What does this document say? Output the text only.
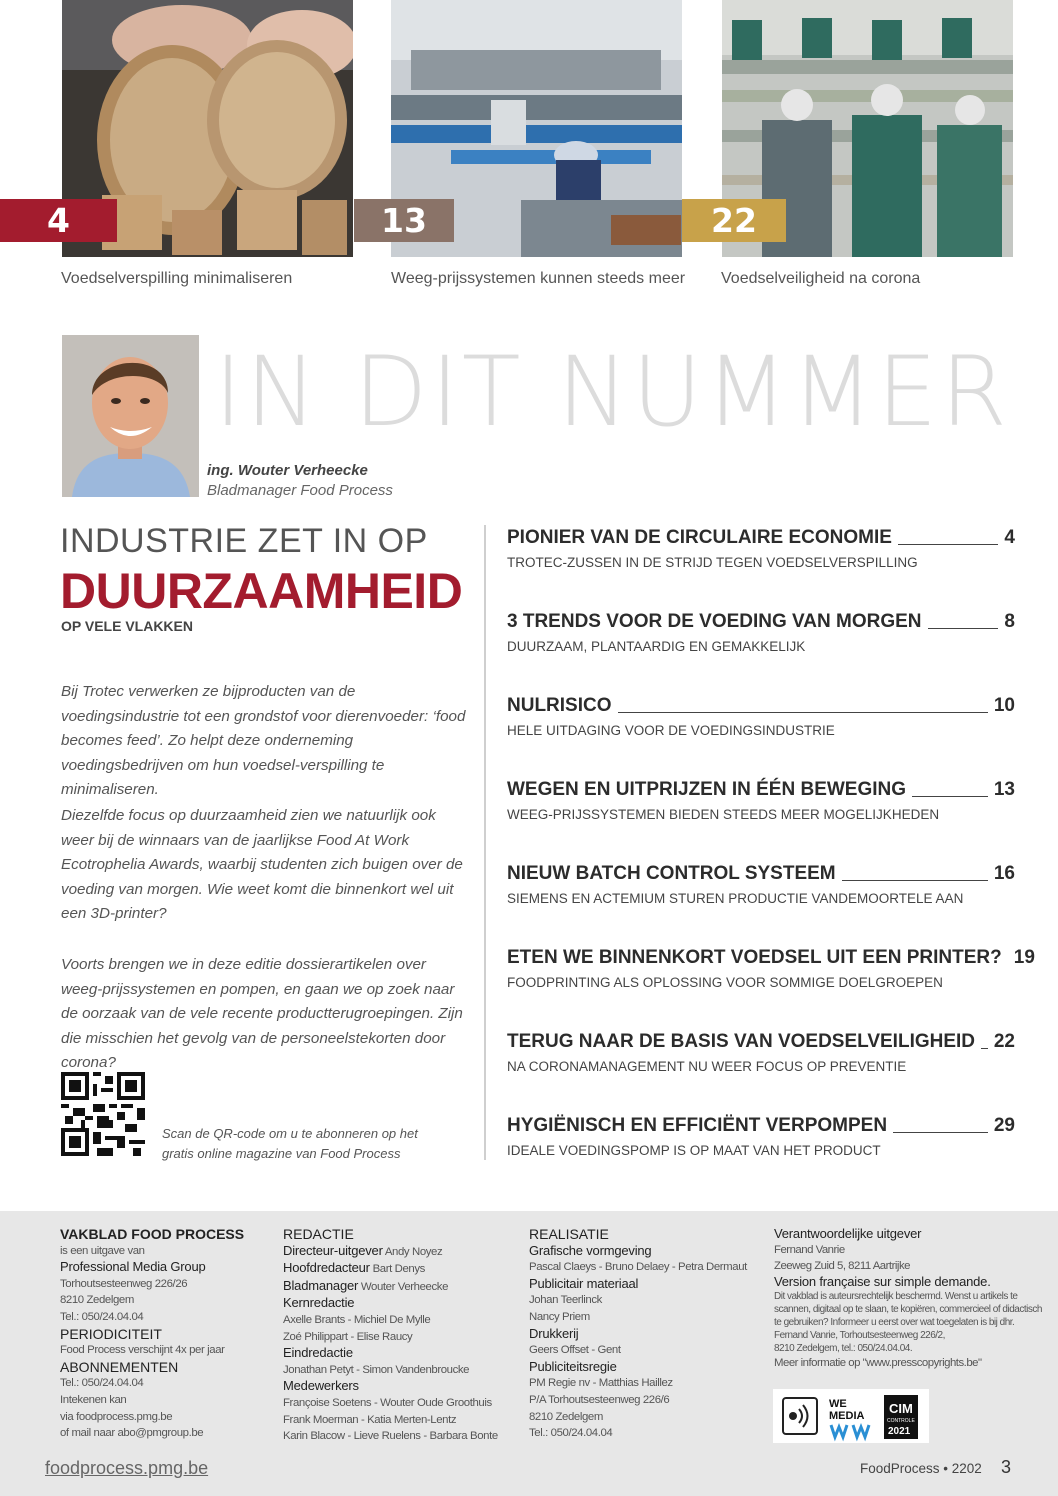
4	13	22
Voedselverspilling minimaliseren	Weeg-prijssystemen kunnen steeds meer Voedselveiligheid na corona
IN DIT NUMMER
ing. Wouter Verheecke
Bladmanager Food Process
INDUSTRIE ZET IN OP
DUURZAAMHEID
OP VELE VLAKKEN

Bij Trotec verwerken ze bijproducten van de voedingsindustrie tot een grondstof voor dierenvoeder: ‘food becomes feed’. Zo helpt deze onderneming voedingsbedrijven om hun voedsel-verspilling te minimaliseren.

Diezelfde focus op duurzaamheid zien we natuurlijk ook weer bij de winnaars van de jaarlijkse Food At Work Ecotrophelia Awards, waarbij studenten zich buigen over de voeding van morgen. Wie weet komt die binnenkort wel uit een 3D-printer?

Voorts brengen we in deze editie dossierartikelen over weeg-prijssystemen en pompen, en gaan we op zoek naar de oorzaak van de vele recente productterugroepingen. Zijn die misschien het gevolg van de personeelstekorten door corona?

Scan de QR-code om u te abonneren op het gratis online magazine van Food Process
PIONIER VAN DE CIRCULAIRE ECONOMIE	4
TROTEC-ZUSSEN IN DE STRIJD TEGEN VOEDSELVERSPILLING
3 TRENDS VOOR DE VOEDING VAN MORGEN	8
DUURZAAM, PLANTAARDIG EN GEMAKKELIJK
NULRISICO	10
HELE UITDAGING VOOR DE VOEDINGSINDUSTRIE
WEGEN EN UITPRIJZEN IN ÉÉN BEWEGING	13
WEEG-PRIJSSYSTEMEN BIEDEN STEEDS MEER MOGELIJKHEDEN
NIEUW BATCH CONTROL SYSTEEM	16
SIEMENS EN ACTEMIUM STUREN PRODUCTIE VANDEMOORTELE AAN
ETEN WE BINNENKORT VOEDSEL UIT EEN PRINTER? 19
FOODPRINTING ALS OPLOSSING VOOR SOMMIGE DOELGROEPEN
TERUG NAAR DE BASIS VAN VOEDSELVEILIGHEID 22
NA CORONAMANAGEMENT NU WEER FOCUS OP PREVENTIE
HYGIËNISCH EN EFFICIËNT VERPOMPEN	29
IDEALE VOEDINGSPOMP IS OP MAAT VAN HET PRODUCT
VAKBLAD FOOD PROCESS
is een uitgave van
Professional Media Group
Torhoutsesteenweg 226/26
8210 Zedelgem
Tel.: 050/24.04.04
PERIODICITEIT
Food Process verschijnt 4x per jaar
ABONNEMENTEN
Tel.: 050/24.04.04
Intekenen kan
via foodprocess.pmg.be
of mail naar abo@pmgroup.be
REDACTIE
Directeur-uitgever Andy Noyez
Hoofdredacteur Bart Denys
Bladmanager Wouter Verheecke
Kernredactie
Axelle Brants - Michiel De Mylle
Zoé Philippart - Elise Raucy
Eindredactie
Jonathan Petyt - Simon Vandenbroucke
Medewerkers
Françoise Soetens - Wouter Oude Groothuis
Frank Moerman - Katia Merten-Lentz
Karin Blacow - Lieve Ruelens - Barbara Bonte
REALISATIE
Grafische vormgeving
Pascal Claeys - Bruno Delaey - Petra Dermaut
Publicitair materiaal
Johan Teerlinck
Nancy Priem
Drukkerij
Geers Offset - Gent
Publiciteitsregie
PM Regie nv - Matthias Haillez
P/A Torhoutsesteenweg 226/6
8210 Zedelgem
Tel.: 050/24.04.04
Verantwoordelijke uitgever
Fernand Vanrie
Zeeweg Zuid 5, 8211 Aartrijke
Version française sur simple demande.
Dit vakblad is auteursrechtelijk beschermd. Wenst u artikels te
scannen, digitaal op te slaan, te kopiëren, commercieel of didactisch
te gebruiken? Informeer u eerst over wat toegelaten is bij dhr.
Fernand Vanrie, Torhoutsesteenweg 226/2,
8210 Zedelgem, tel.: 050/24.04.04.
Meer informatie op "www.presscopyrights.be"
WE
MEDIA CIM
CONTROLE
2021
foodprocess.pmg.be	FoodProcess • 2202 3
